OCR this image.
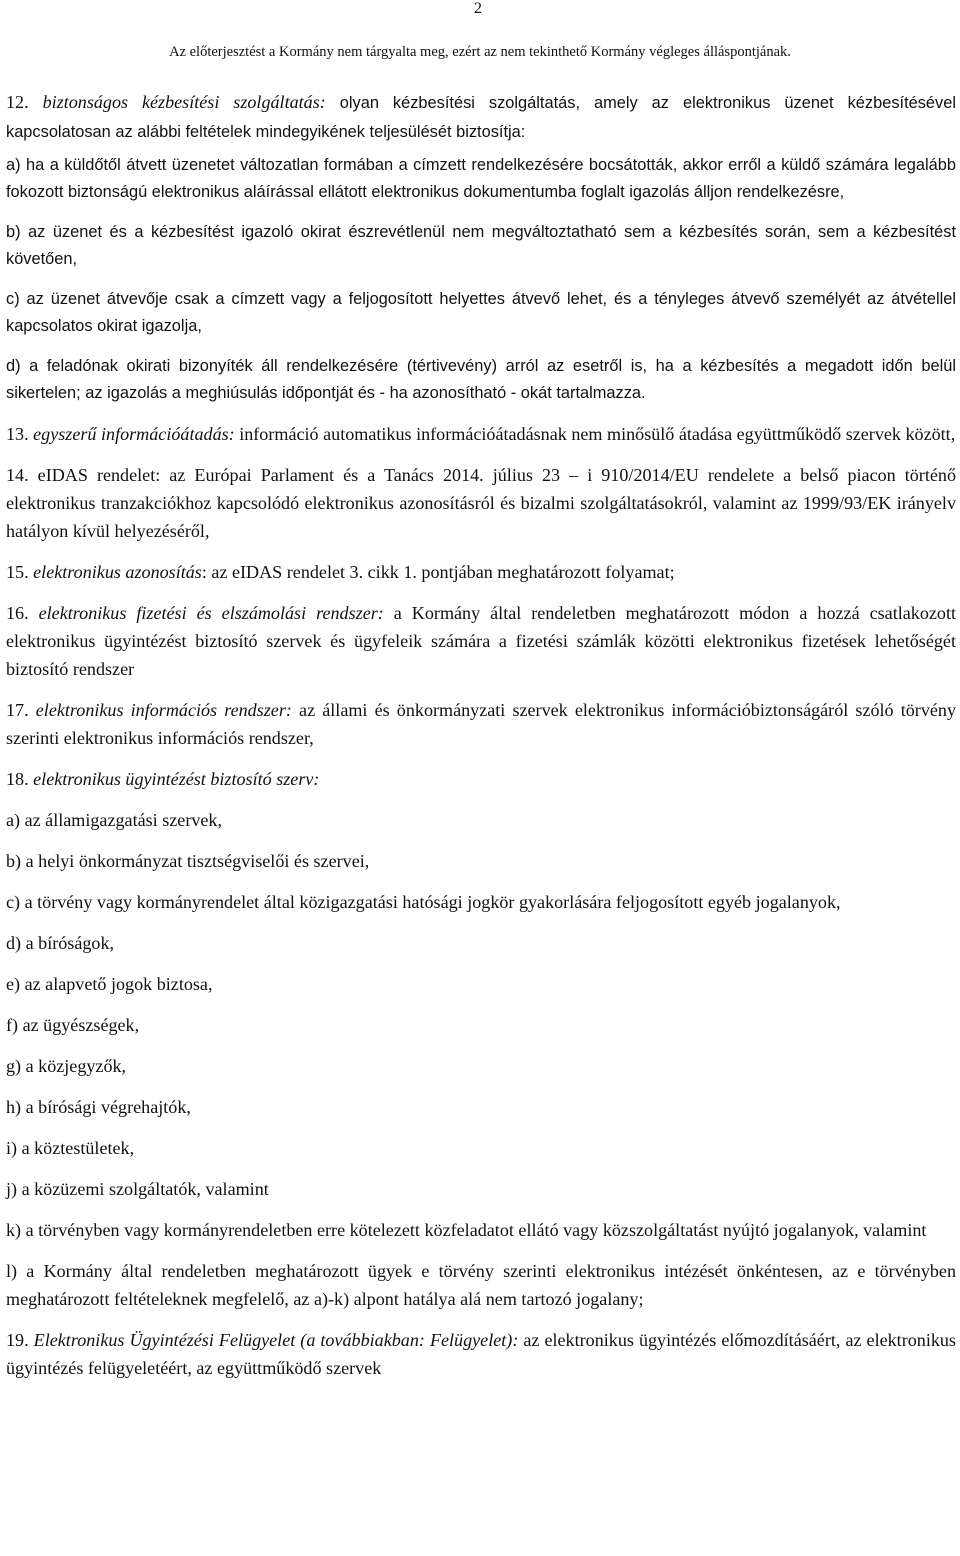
2
Az előterjesztést a Kormány nem tárgyalta meg, ezért az nem tekinthető Kormány végleges álláspontjának.

12. biztonságos kézbesítési szolgáltatás: olyan kézbesítési szolgáltatás, amely az elektronikus üzenet kézbesítésével kapcsolatosan az alábbi feltételek mindegyikének teljesülését biztosítja:

a) ha a küldőtől átvett üzenetet változatlan formában a címzett rendelkezésére bocsátották, akkor erről a küldő számára legalább fokozott biztonságú elektronikus aláírással ellátott elektronikus dokumentumba foglalt igazolás álljon rendelkezésre,

b) az üzenet és a kézbesítést igazoló okirat észrevétlenül nem megváltoztatható sem a kézbesítés során, sem a kézbesítést követően,

c) az üzenet átvevője csak a címzett vagy a feljogosított helyettes átvevő lehet, és a tényleges átvevő személyét az átvétellel kapcsolatos okirat igazolja,

d) a feladónak okirati bizonyíték áll rendelkezésére (tértivevény) arról az esetről is, ha a kézbesítés a megadott időn belül sikertelen; az igazolás a meghiúsulás időpontját és - ha azonosítható - okát tartalmazza.

13. egyszerű információátadás: információ automatikus információátadásnak nem minősülő átadása együttműködő szervek között,

14. eIDAS rendelet: az Európai Parlament és a Tanács 2014. július 23 – i 910/2014/EU rendelete a belső piacon történő elektronikus tranzakciókhoz kapcsolódó elektronikus azonosításról és bizalmi szolgáltatásokról, valamint az 1999/93/EK irányelv hatályon kívül helyezéséről,

15. elektronikus azonosítás: az eIDAS rendelet 3. cikk 1. pontjában meghatározott folyamat;

16. elektronikus fizetési és elszámolási rendszer: a Kormány által rendeletben meghatározott módon a hozzá csatlakozott elektronikus ügyintézést biztosító szervek és ügyfeleik számára a fizetési számlák közötti elektronikus fizetések lehetőségét biztosító rendszer

17. elektronikus információs rendszer: az állami és önkormányzati szervek elektronikus információbiztonságáról szóló törvény szerinti elektronikus információs rendszer,

18. elektronikus ügyintézést biztosító szerv:

a) az államigazgatási szervek,

b) a helyi önkormányzat tisztségviselői és szervei,

c) a törvény vagy kormányrendelet által közigazgatási hatósági jogkör gyakorlására feljogosított egyéb jogalanyok,

d) a bíróságok,

e) az alapvető jogok biztosa,

f) az ügyészségek,

g) a közjegyzők,

h) a bírósági végrehajtók,

i) a köztestületek,

j) a közüzemi szolgáltatók, valamint

k) a törvényben vagy kormányrendeletben erre kötelezett közfeladatot ellátó vagy közszolgáltatást nyújtó jogalanyok, valamint

l) a Kormány által rendeletben meghatározott ügyek e törvény szerinti elektronikus intézését önkéntesen, az e törvényben meghatározott feltételeknek megfelelő, az a)-k) alpont hatálya alá nem tartozó jogalany;

19. Elektronikus Ügyintézési Felügyelet (a továbbiakban: Felügyelet): az elektronikus ügyintézés előmozdításáért, az elektronikus ügyintézés felügyeletéért, az együttműködő szervek
